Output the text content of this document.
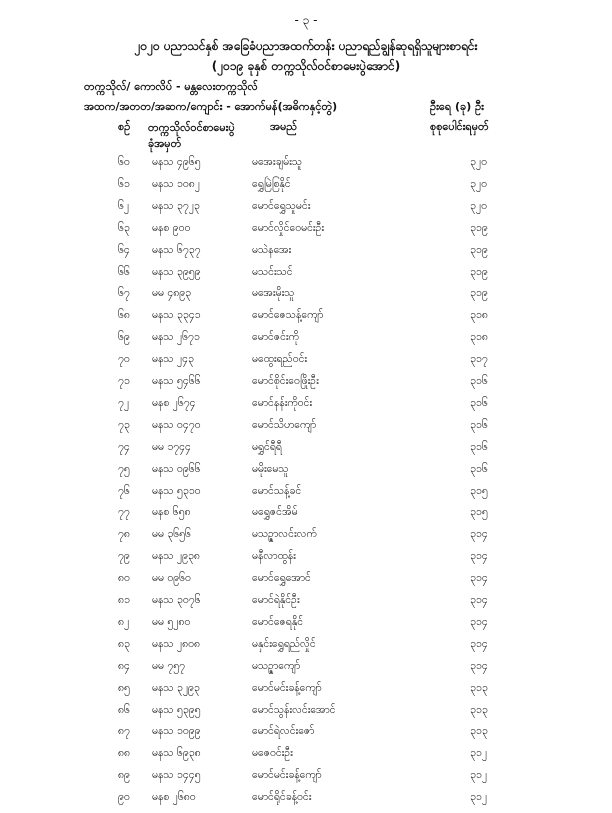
- ၃ -
၂၀၂၀ ပညာသင်နှစ် အခြေခံပညာအထက်တန်း ပညာရည်ချွန်ဆုရရှိသူများစာရင်း
(၂၀၁၉ ခုနှစ် တက္ကသိုလ်ဝင်စာမေးပွဲအောင်)
တက္ကသိုလ်/ ကောလိပ် - မန္တလေးတက္ကသိုလ်
အထက/အတတ/အဆက/ကျောင်း - အောက်မန်(အဓိကနှင့်တွဲ)	ဦးရေ (ခု) ဦး
စဉ် တက္ကသိုလ်ဝင်စာမေးပွဲ ခုံအမှတ်
အမည်	စုစုပေါင်းရမှတ်
၆၀ မနသ ၄၉၆၅	မအေးချမ်းသူ	၃၂၀
၆၁ မနသ ၁၀၈၂	ရွှေမြဲစြနိုင်	၃၂၀
၆၂ မနသ ၃၇၂၃	မောင်ရွှေသူမင်း	၃၂၀
၆၃ မနစ ၉၀၀	မောင်လှိုင်ဝေမင်းဦး	၃၁၉
၆၄ မနသ ၆၇၃၇	မသဲနအေး	၃၁၉
၆၆ မနသ ၃၉၅၉	မသင်းသင်	၃၁၉
၆၇ မမ ၄၈၉၃	မအေးမိုးသူ	၃၁၉
၆၈ မနသ ၃၃၄၁	မောင်ဇေသန့်ကျော်	၃၁၈
၆၉ မနသ ၂၆၇၁	မောင်ဇင်းကို	၃၁၈
၇၀ မနသ ၂၄၃	မထွေးရည်ဝင်း	၃၁၇
၇၁ မနသ ၅၄၆၆	မောင်စိုင်းဝေဖြိုးဦး	၃၁၆
၇၂ မနစ ၂၆၇၄	မောင်နန်းကိုဝင်း	၃၁၆
၇၃ မနသ ၀၄၇၀	မောင်သိဟကျော်	၃၁၆
၇၄ မမ ၁၇၄၄	မရွှင်ရီရီ	၃၁၆
၇၅ မနသ ၀၉၆၆	မမိုးမေသူ	၃၁၆
၇၆ မနသ ၅၃၁၀	မောင်သန့်ခင်	၃၁၅
၇၇ မနစ ၆၅၈	မရွှေဇင်အိမ်	၃၁၅
၇၈ မမ ၃၆၅၆	မသဉ္ဇာလင်းလက်	၃၁၄
၇၉ မနသ ၂၉၃၈	မနီလာထွန်း	၃၁၄
၈၀ မမ ၀၉၆၀	မောင်ရွှေအောင်	၃၁၄
၈၁ မနသ ၃၀၇၆	မောင်ရဲနိုင်ဦး	၃၁၄
၈၂ မမ ၅၂၈၀	မောင်ဇေရနိုင်	၃၁၄
၈၃ မနသ ၂၈၀၈	မနှင်းရွှေရည်လှိုင်	၃၁၄
၈၄ မမ ၇၅၇	မသဉ္ဇာကျော်	၃၁၄
၈၅ မနသ ၃၂၉၃	မောင်မင်းခန့်ကျော်	၃၁၃
၈၆ မနသ ၅၃၉၅	မောင်သွန်းလင်းအောင်	၃၁၃
၈၇ မနသ ၁၀၉၉	မောင်ရဲလင်းဇော်	၃၁၃
၈၈ မနသ ၆၉၃၈	မဇေဝင်းဦး	၃၁၂
၈၉ မနသ ၁၄၄၅	မောင်မင်းခန့်ကျော်	၃၁၂
၉၀ မနစ ၂၆၈၀	မောင်ရိုင်ခန့်ဝင်း	၃၁၂
